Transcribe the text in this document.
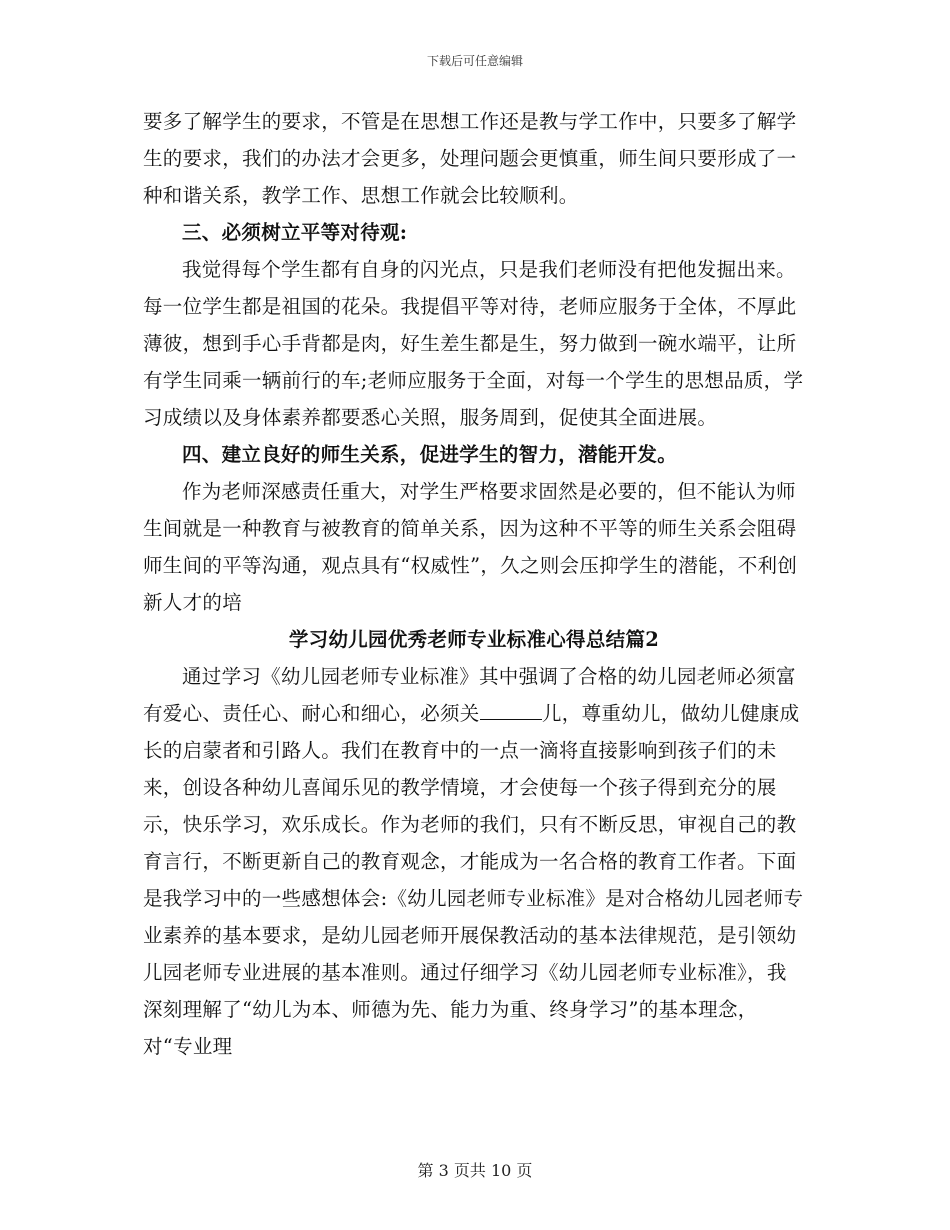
下载后可任意编辑

要多了解学生的要求，不管是在思想工作还是教与学工作中，只要多了解学生的要求，我们的办法才会更多，处理问题会更慎重，师生间只要形成了一种和谐关系，教学工作、思想工作就会比较顺利。

三、必须树立平等对待观:

我觉得每个学生都有自身的闪光点，只是我们老师没有把他发掘出来。每一位学生都是祖国的花朵。我提倡平等对待，老师应服务于全体，不厚此薄彼，想到手心手背都是肉，好生差生都是生，努力做到一碗水端平，让所有学生同乘一辆前行的车;老师应服务于全面，对每一个学生的思想品质，学习成绩以及身体素养都要悉心关照，服务周到，促使其全面进展。

四、建立良好的师生关系，促进学生的智力，潜能开发。

作为老师深感责任重大，对学生严格要求固然是必要的，但不能认为师生间就是一种教育与被教育的简单关系，因为这种不平等的师生关系会阻碍师生间的平等沟通，观点具有“权威性”，久之则会压抑学生的潜能，不利创新人才的培

学习幼儿园优秀老师专业标准心得总结篇2

通过学习《幼儿园老师专业标准》其中强调了合格的幼儿园老师必须富有爱心、责任心、耐心和细心，必须关	儿，尊重幼儿，做幼儿健康成长的启蒙者和引路人。我们在教育中的一点一滴将直接影响到孩子们的未来，创设各种幼儿喜闻乐见的教学情境，才会使每一个孩子得到充分的展示，快乐学习，欢乐成长。作为老师的我们，只有不断反思，审视自己的教育言行，不断更新自己的教育观念，才能成为一名合格的教育工作者。下面是我学习中的一些感想体会:《幼儿园老师专业标准》是对合格幼儿园老师专业素养的基本要求，是幼儿园老师开展保教活动的基本法律规范，是引领幼儿园老师专业进展的基本准则。通过仔细学习《幼儿园老师专业标准》，我深刻理解了“幼儿为本、师德为先、能力为重、终身学习”的基本理念，对“专业理

第 3 页共 10 页
